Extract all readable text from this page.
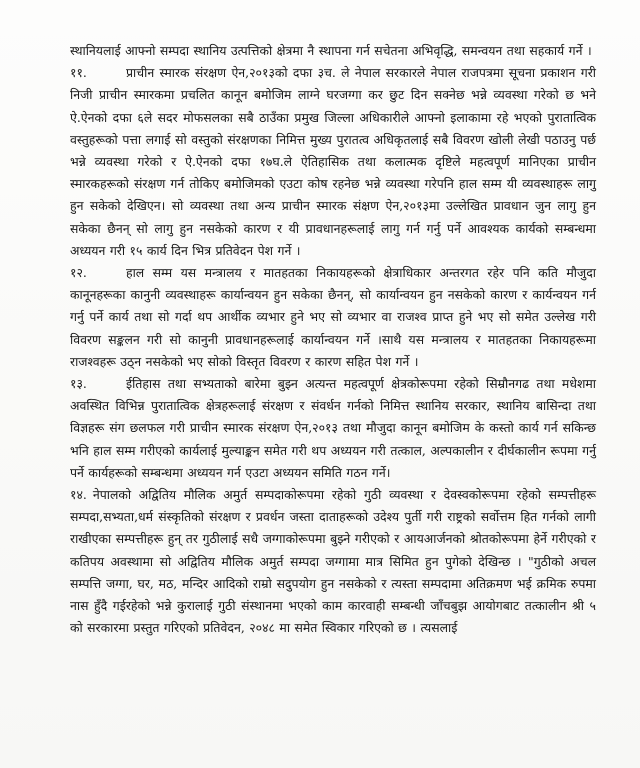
स्थानियलाई आफ्नो सम्पदा स्थानिय उत्पत्तिको क्षेत्रमा नै स्थापना गर्न सचेतना अभिवृद्धि, समन्वयन तथा सहकार्य गर्ने ।

११.	प्राचीन स्मारक संरक्षण ऐन,२०१३को दफा ३च. ले नेपाल सरकारले नेपाल राजपत्रमा सूचना प्रकाशन गरी निजी प्राचीन स्मारकमा प्रचलित कानून बमोजिम लाग्ने घरजग्गा कर छुट दिन सक्नेछ भन्ने व्यवस्था गरेको छ भने ऐ.ऐनको दफा ६ले सदर मोफसलका सबै ठाउँका प्रमुख जिल्ला अधिकारीले आफ्नो इलाकामा रहे भएको पुरातात्विक वस्तुहरूको पत्ता लगाई सो वस्तुको संरक्षणका निमित्त मुख्य पुरातत्व अधिकृतलाई सबै विवरण खोली लेखी पठाउनु पर्छ भन्ने व्यवस्था गरेको र ऐ.ऐनको दफा १७घ.ले ऐतिहासिक तथा कलात्मक दृष्टिले महत्वपूर्ण मानिएका प्राचीन स्मारकहरूको संरक्षण गर्न तोकिए बमोजिमको एउटा कोष रहनेछ भन्ने व्यवस्था गरेपनि हाल सम्म यी व्यवस्थाहरू लागु हुन सकेको देखिएन। सो व्यवस्था तथा अन्य प्राचीन स्मारक संक्षण ऐन,२०१३मा उल्लेखित प्रावधान जुन लागु हुन सकेका छैनन् सो लागु हुन नसकेको कारण र यी प्रावधानहरूलाई लागु गर्न गर्नु पर्ने आवश्यक कार्यको सम्बन्धमा अध्ययन गरी १५ कार्य दिन भित्र प्रतिवेदन पेश गर्ने ।

१२.	हाल सम्म यस मन्त्रालय र मातहतका निकायहरूको क्षेत्राधिकार अन्तरगत रहेर पनि कति मौजुदा कानूनहरूका कानुनी व्यवस्थाहरू कार्यान्वयन हुन सकेका छैनन्, सो कार्यान्वयन हुन नसकेको कारण र कार्यन्वयन गर्न गर्नु पर्ने कार्य तथा सो गर्दा थप आर्थीक व्यभार हुने भए सो व्यभार वा राजश्व प्राप्त हुने भए सो समेत उल्लेख गरी विवरण सङ्कलन गरी सो कानुनी प्रावधानहरूलाई कार्यान्वयन गर्ने ।साथै यस मन्त्रालय र मातहतका निकायहरूमा राजश्वहरू उठ्न नसकेको भए सोको विस्तृत विवरण र कारण सहित पेश गर्ने ।

१३.	ईतिहास तथा सभ्यताको बारेमा बुझ्न अत्यन्त महत्वपूर्ण क्षेत्रकोरूपमा रहेको सिम्रौनगढ तथा मधेशमा अवस्थित विभिन्न पुरातात्विक क्षेत्रहरूलाई संरक्षण र संवर्धन गर्नको निमित्त स्थानिय सरकार, स्थानिय बासिन्दा तथा विज्ञहरू संग छलफल गरी प्राचीन स्मारक संरक्षण ऐन,२०१३ तथा मौजुदा कानून बमोजिम के कस्तो कार्य गर्न सकिन्छ भनि हाल सम्म गरीएको कार्यलाई मुल्याङ्कन समेत गरी थप अध्ययन गरी तत्काल, अल्पकालीन र दीर्घकालीन रूपमा गर्नु पर्ने कार्यहरूको सम्बन्धमा अध्ययन गर्न एउटा अध्ययन समिति गठन गर्ने।

१४. नेपालको अद्वितिय मौलिक अमुर्त सम्पदाकोरूपमा रहेको गुठी व्यवस्था र देवस्वकोरूपमा रहेको सम्पत्तीहरू सम्पदा,सभ्यता,धर्म संस्कृतिको संरक्षण र प्रवर्धन जस्ता दाताहरूको उदेश्य पुर्ती गरी राष्ट्रको सर्वोत्तम हित गर्नको लागी राखीएका सम्पत्तीहरू हुन् तर गुठीलाई सधै जग्गाकोरूपमा बुझ्ने गरीएको र आयआर्जनको श्रोतकोरूपमा हेर्ने गरीएको र कतिपय अवस्थामा सो अद्वितिय मौलिक अमुर्त सम्पदा जग्गामा मात्र सिमित हुन पुगेको देखिन्छ । "गुठीको अचल सम्पत्ति जग्गा, घर, मठ, मन्दिर आदिको राम्रो सदुपयोग हुन नसकेको र त्यस्ता सम्पदामा अतिक्रमण भई क्रमिक रुपमा नास हुँदै गईरहेको भन्ने कुरालाई गुठी संस्थानमा भएको काम कारवाही सम्बन्धी जाँचबुझ आयोगबाट तत्कालीन श्री ५ को सरकारमा प्रस्तुत गरिएको प्रतिवेदन, २०४८ मा समेत स्विकार गरिएको छ । त्यसलाई
